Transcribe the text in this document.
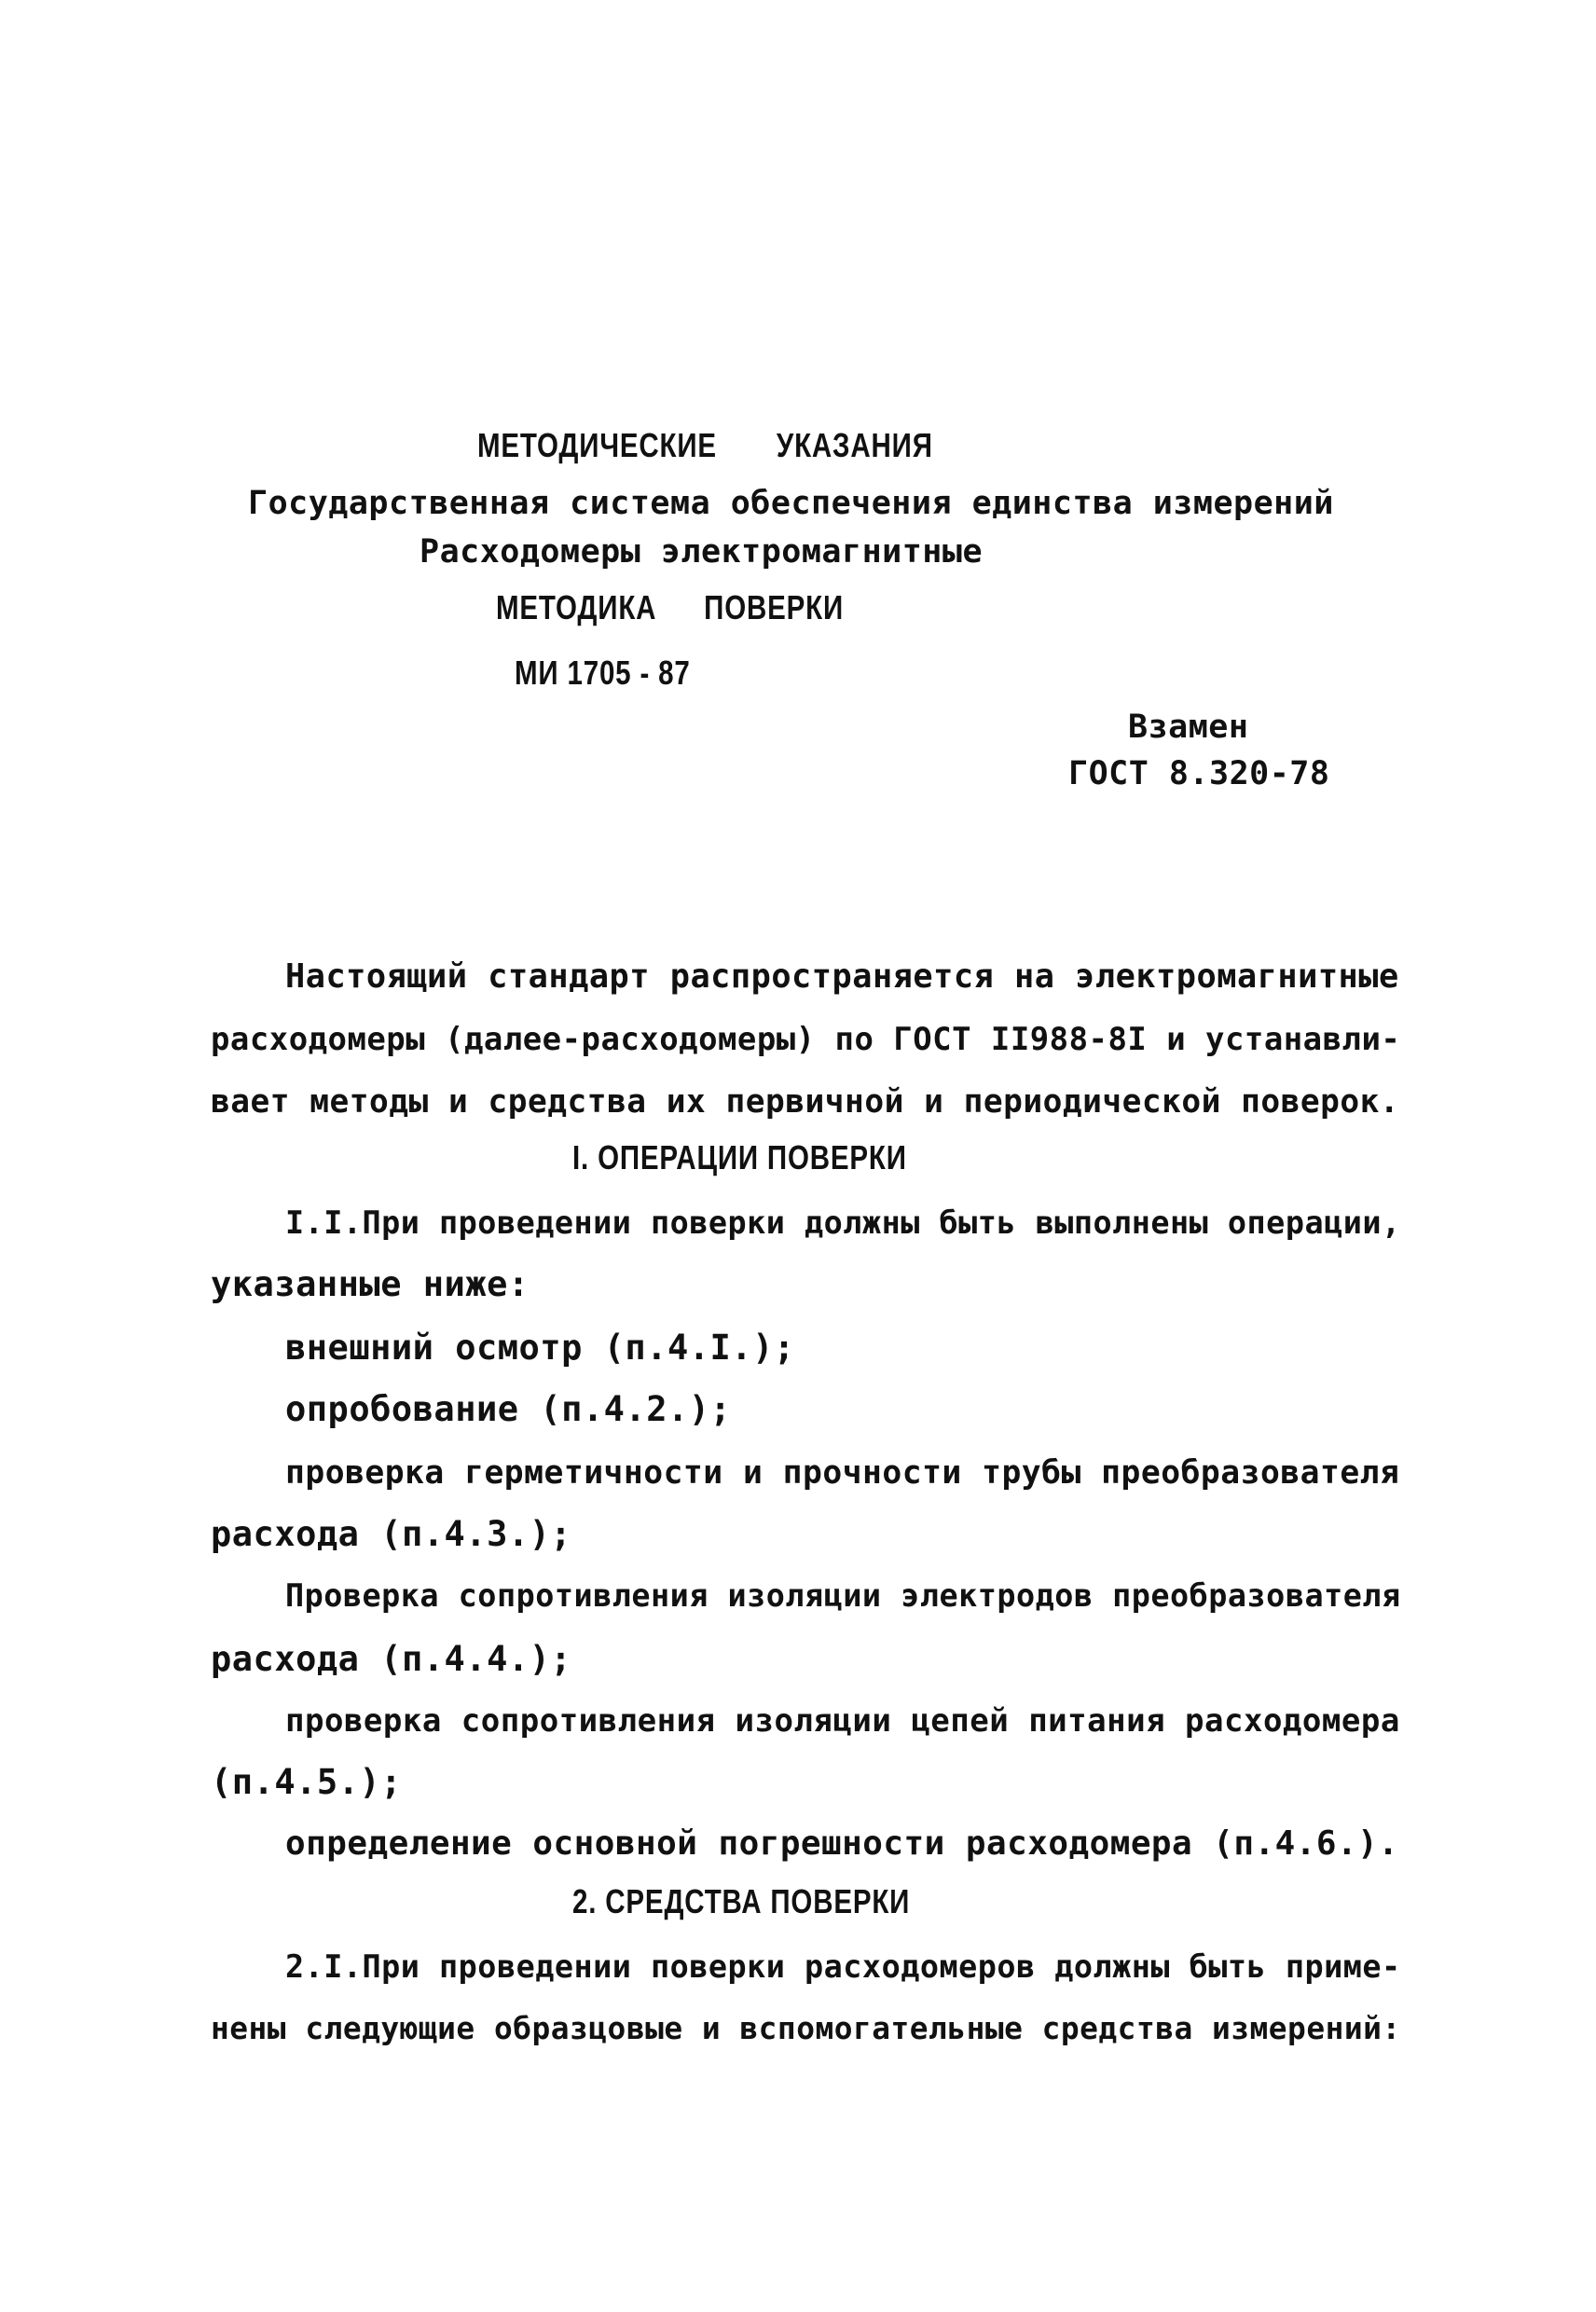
МЕТОДИЧЕСКИЕ УКАЗАНИЯ
Государственная система обеспечения единства измерений
Расходомеры электромагнитные
МЕТОДИКА ПОВЕРКИ
МИ 1705 - 87
Взамен
ГОСТ 8.320-78
Настоящий стандарт распространяется на электромагнитные
расходомеры (далее-расходомеры) по ГОСТ II988-8I и устанавли-
вает методы и средства их первичной и периодической поверок.
I. ОПЕРАЦИИ ПОВЕРКИ
I.I.При проведении поверки должны быть выполнены операции,
указанные ниже:
внешний осмотр (п.4.I.);
опробование (п.4.2.);
проверка герметичности и прочности трубы преобразователя
расхода (п.4.3.);
Проверка сопротивления изоляции электродов преобразователя
расхода (п.4.4.);
проверка сопротивления изоляции цепей питания расходомера
(п.4.5.);
определение основной погрешности расходомера (п.4.6.).
2. СРЕДСТВА ПОВЕРКИ
2.I.При проведении поверки расходомеров должны быть приме-
нены следующие образцовые и вспомогательные средства измерений:
